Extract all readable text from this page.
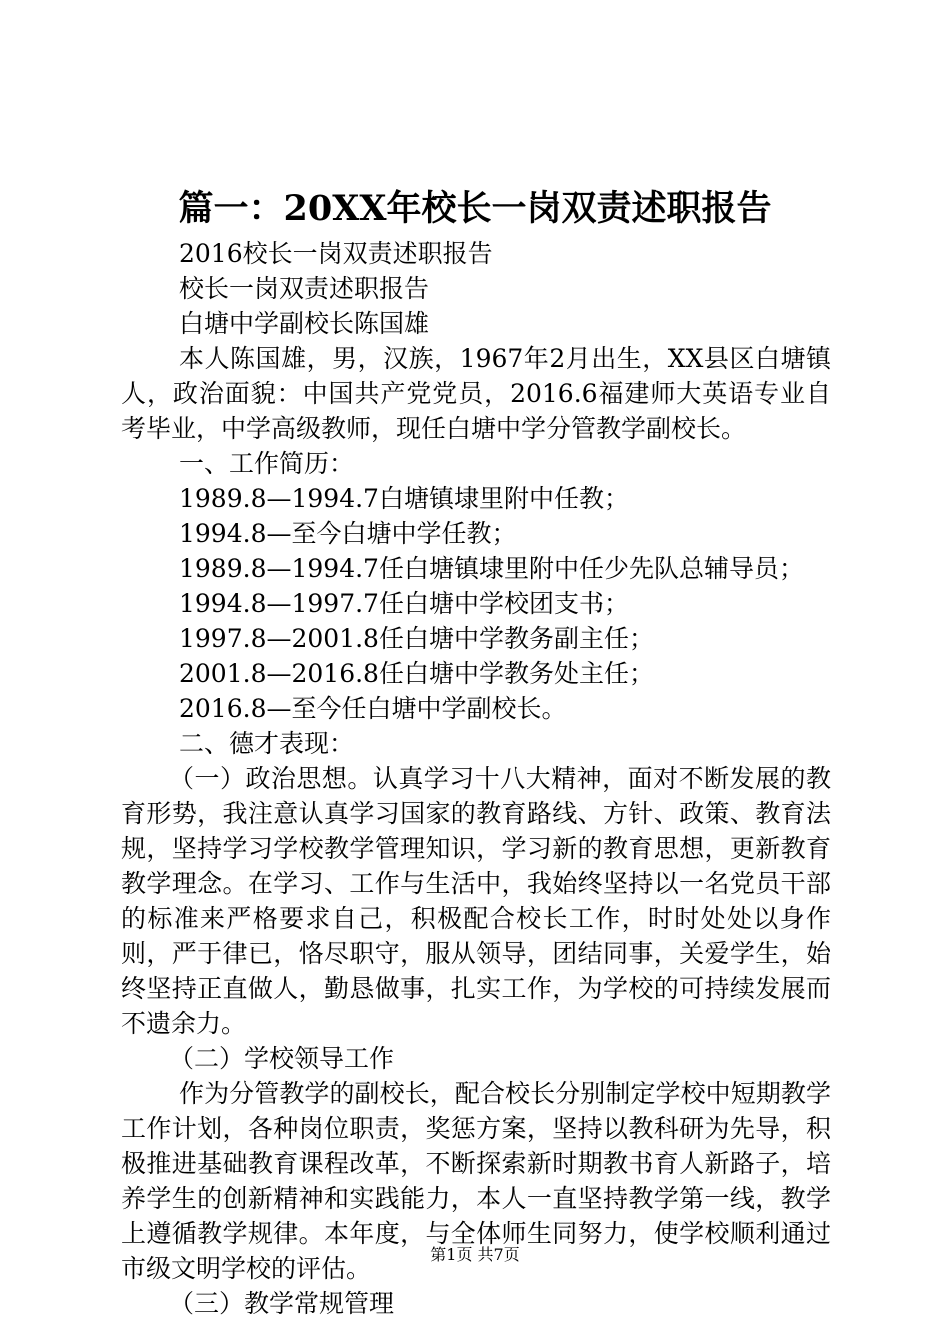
篇一：20XX年校长一岗双责述职报告

2016校长一岗双责述职报告

校长一岗双责述职报告

白塘中学副校长陈国雄

本人陈国雄，男，汉族，1967年2月出生，XX县区白塘镇人，政治面貌：中国共产党党员，2016.6福建师大英语专业自考毕业，中学高级教师，现任白塘中学分管教学副校长。

一、工作简历：

1989.8—1994.7白塘镇埭里附中任教；

1994.8—至今白塘中学任教；

1989.8—1994.7任白塘镇埭里附中任少先队总辅导员；

1994.8—1997.7任白塘中学校团支书；

1997.8—2001.8任白塘中学教务副主任；

2001.8—2016.8任白塘中学教务处主任；

2016.8—至今任白塘中学副校长。

二、德才表现：

（一）政治思想。认真学习十八大精神，面对不断发展的教育形势，我注意认真学习国家的教育路线、方针、政策、教育法规，坚持学习学校教学管理知识，学习新的教育思想，更新教育教学理念。在学习、工作与生活中，我始终坚持以一名党员干部的标准来严格要求自己，积极配合校长工作，时时处处以身作则，严于律已，恪尽职守，服从领导，团结同事，关爱学生，始终坚持正直做人，勤恳做事，扎实工作，为学校的可持续发展而不遗余力。

（二）学校领导工作

作为分管教学的副校长，配合校长分别制定学校中短期教学工作计划，各种岗位职责，奖惩方案，坚持以教科研为先导，积极推进基础教育课程改革，不断探索新时期教书育人新路子，培养学生的创新精神和实践能力，本人一直坚持教学第一线，教学上遵循教学规律。本年度，与全体师生同努力，使学校顺利通过市级文明学校的评估。

（三）教学常规管理

第1页 共7页
